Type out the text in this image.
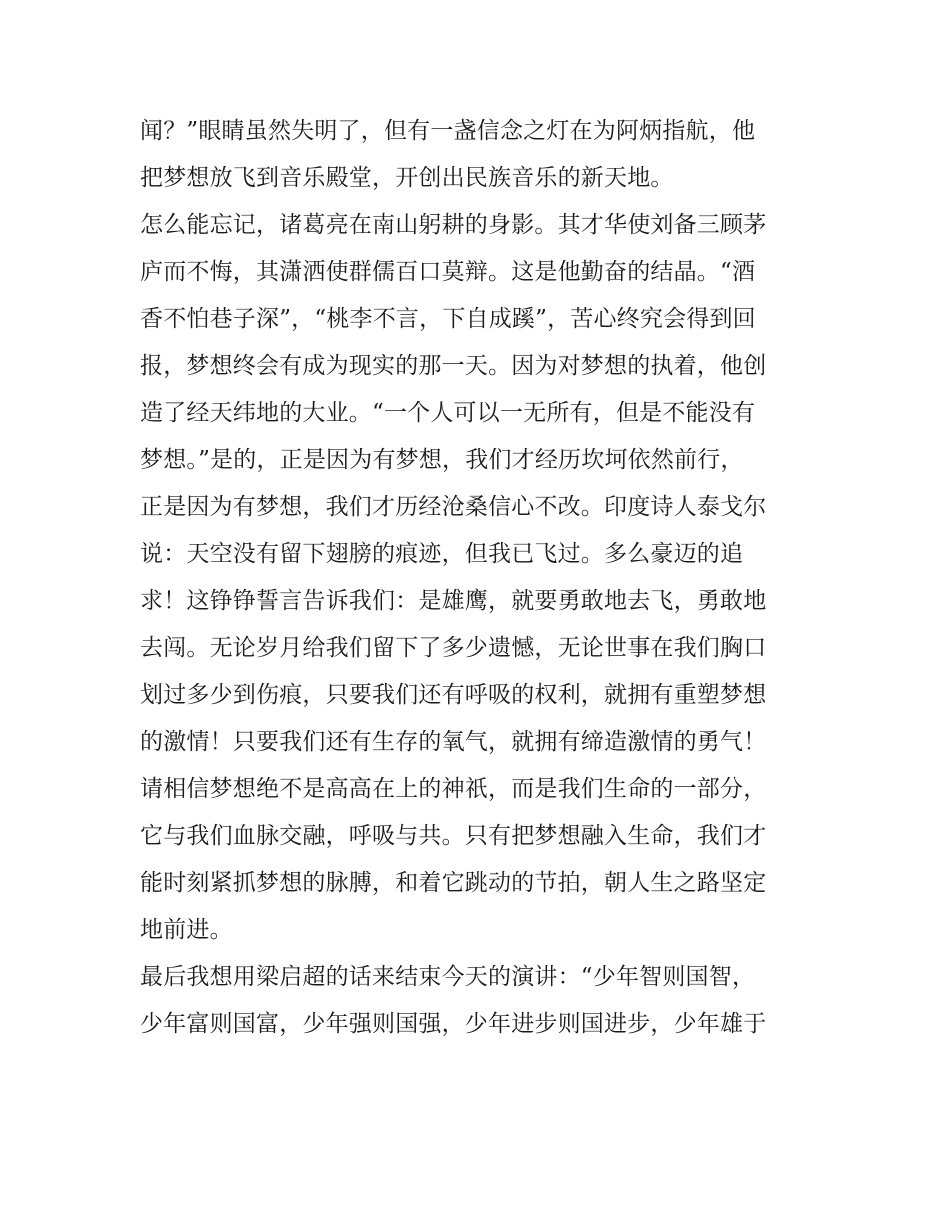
闻？”眼睛虽然失明了，但有一盏信念之灯在为阿炳指航，他
把梦想放飞到音乐殿堂，开创出民族音乐的新天地。
怎么能忘记，诸葛亮在南山躬耕的身影。其才华使刘备三顾茅
庐而不悔，其潇洒使群儒百口莫辩。这是他勤奋的结晶。“酒
香不怕巷子深”，“桃李不言，下自成蹊”，苦心终究会得到回
报，梦想终会有成为现实的那一天。因为对梦想的执着，他创
造了经天纬地的大业。“一个人可以一无所有，但是不能没有
梦想。”是的，正是因为有梦想，我们才经历坎坷依然前行，
正是因为有梦想，我们才历经沧桑信心不改。印度诗人泰戈尔
说：天空没有留下翅膀的痕迹，但我已飞过。多么豪迈的追
求！这铮铮誓言告诉我们：是雄鹰，就要勇敢地去飞，勇敢地
去闯。无论岁月给我们留下了多少遗憾，无论世事在我们胸口
划过多少到伤痕，只要我们还有呼吸的权利，就拥有重塑梦想
的激情！只要我们还有生存的氧气，就拥有缔造激情的勇气！
请相信梦想绝不是高高在上的神祇，而是我们生命的一部分，
它与我们血脉交融，呼吸与共。只有把梦想融入生命，我们才
能时刻紧抓梦想的脉膊，和着它跳动的节拍，朝人生之路坚定
地前进。
最后我想用梁启超的话来结束今天的演讲：“少年智则国智，
少年富则国富，少年强则国强，少年进步则国进步，少年雄于
